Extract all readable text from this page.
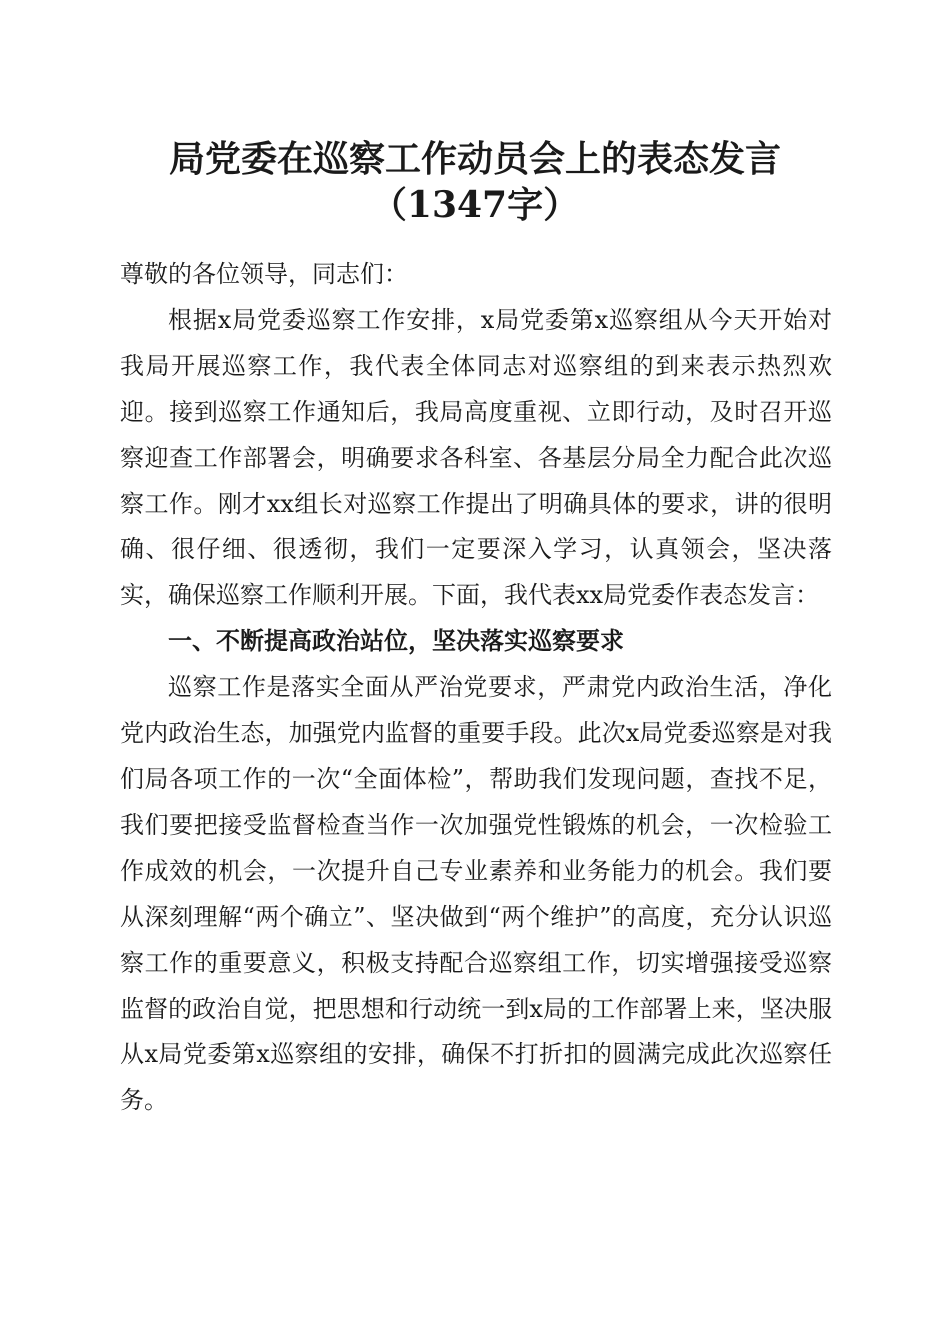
局党委在巡察工作动员会上的表态发言（1347字）

尊敬的各位领导，同志们：

根据x局党委巡察工作安排，x局党委第x巡察组从今天开始对我局开展巡察工作，我代表全体同志对巡察组的到来表示热烈欢迎。接到巡察工作通知后，我局高度重视、立即行动，及时召开巡察迎查工作部署会，明确要求各科室、各基层分局全力配合此次巡察工作。刚才xx组长对巡察工作提出了明确具体的要求，讲的很明确、很仔细、很透彻，我们一定要深入学习，认真领会，坚决落实，确保巡察工作顺利开展。下面，我代表xx局党委作表态发言：

一、不断提高政治站位，坚决落实巡察要求

巡察工作是落实全面从严治党要求，严肃党内政治生活，净化党内政治生态，加强党内监督的重要手段。此次x局党委巡察是对我们局各项工作的一次“全面体检”，帮助我们发现问题，查找不足，我们要把接受监督检查当作一次加强党性锻炼的机会，一次检验工作成效的机会，一次提升自己专业素养和业务能力的机会。我们要从深刻理解“两个确立”、坚决做到“两个维护”的高度，充分认识巡察工作的重要意义，积极支持配合巡察组工作，切实增强接受巡察监督的政治自觉，把思想和行动统一到x局的工作部署上来，坚决服从x局党委第x巡察组的安排，确保不打折扣的圆满完成此次巡察任务。
